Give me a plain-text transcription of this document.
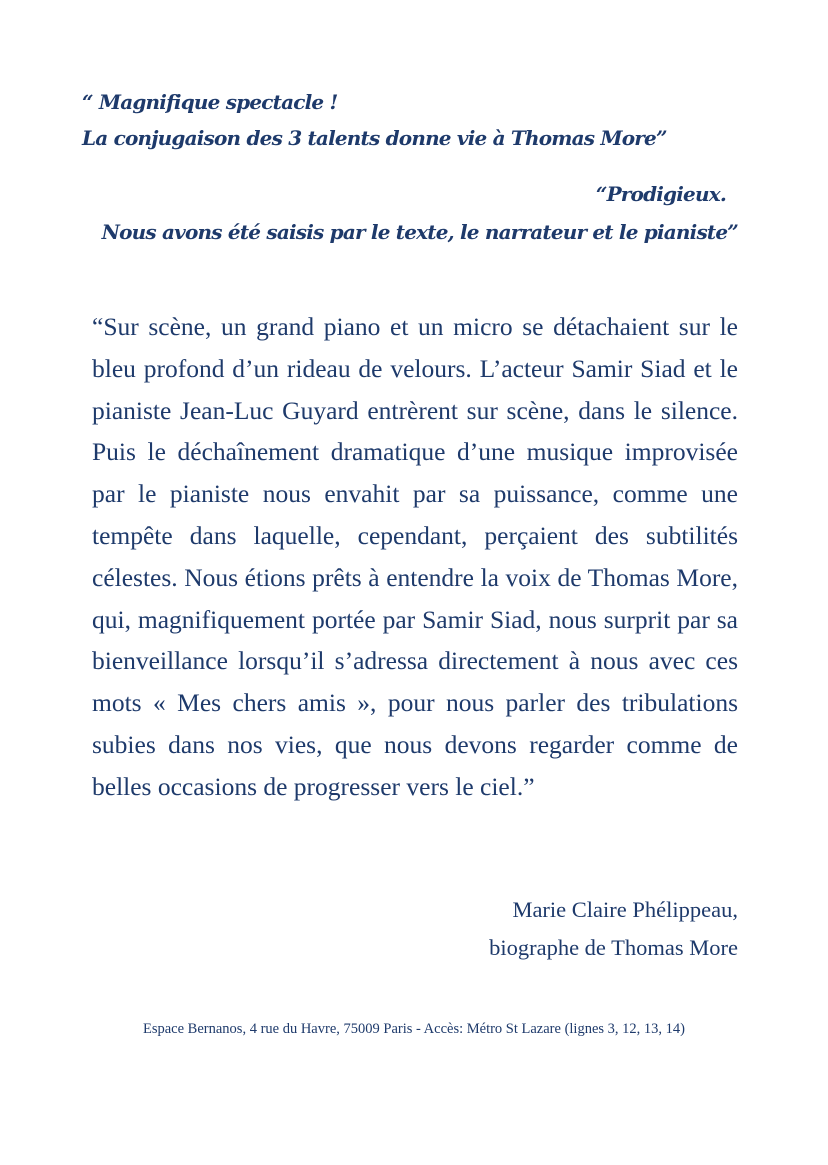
“ Magnifique spectacle !
La conjugaison des 3 talents donne vie à Thomas More”
“Prodigieux.
Nous avons été saisis par le texte, le narrateur et le pianiste”
“Sur scène, un grand piano et un micro se détachaient sur le bleu profond d’un rideau de velours. L’acteur Samir Siad et le pianiste Jean-Luc Guyard entrèrent sur scène, dans le silence. Puis le déchaînement dramatique d’une musique improvisée par le pianiste nous envahit par sa puissance, comme une tempête dans laquelle, cependant, perçaient des subtilités célestes. Nous étions prêts à entendre la voix de Thomas More, qui, magnifiquement portée par Samir Siad, nous surprit par sa bienveillance lorsqu’il s’adressa directement à nous avec ces mots « Mes chers amis », pour nous parler des tribulations subies dans nos vies, que nous devons regarder comme de belles occasions de progresser vers le ciel.”
Marie Claire Phélippeau,
biographe de Thomas More
Espace Bernanos, 4 rue du Havre, 75009 Paris - Accès: Métro St Lazare (lignes 3, 12, 13, 14)
